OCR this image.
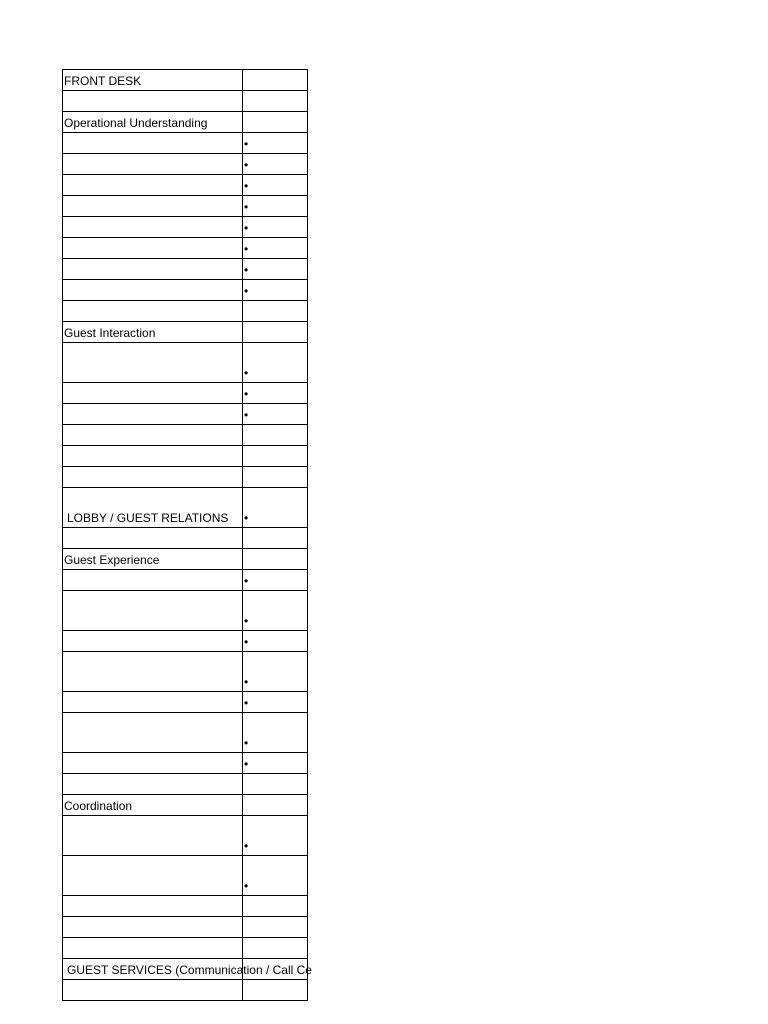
FRONT DESK	

Operational Understanding	
	•
	•
	•
	•
	•
	•
	•
	•

Guest Interaction	
	•
	•
	•

LOBBY / GUEST RELATIONS	•

Guest Experience	
	•
	•
	•
	•
	•
	•
	•

Coordination	
	•
	•

GUEST SERVICES (Communication / Call Ce	
